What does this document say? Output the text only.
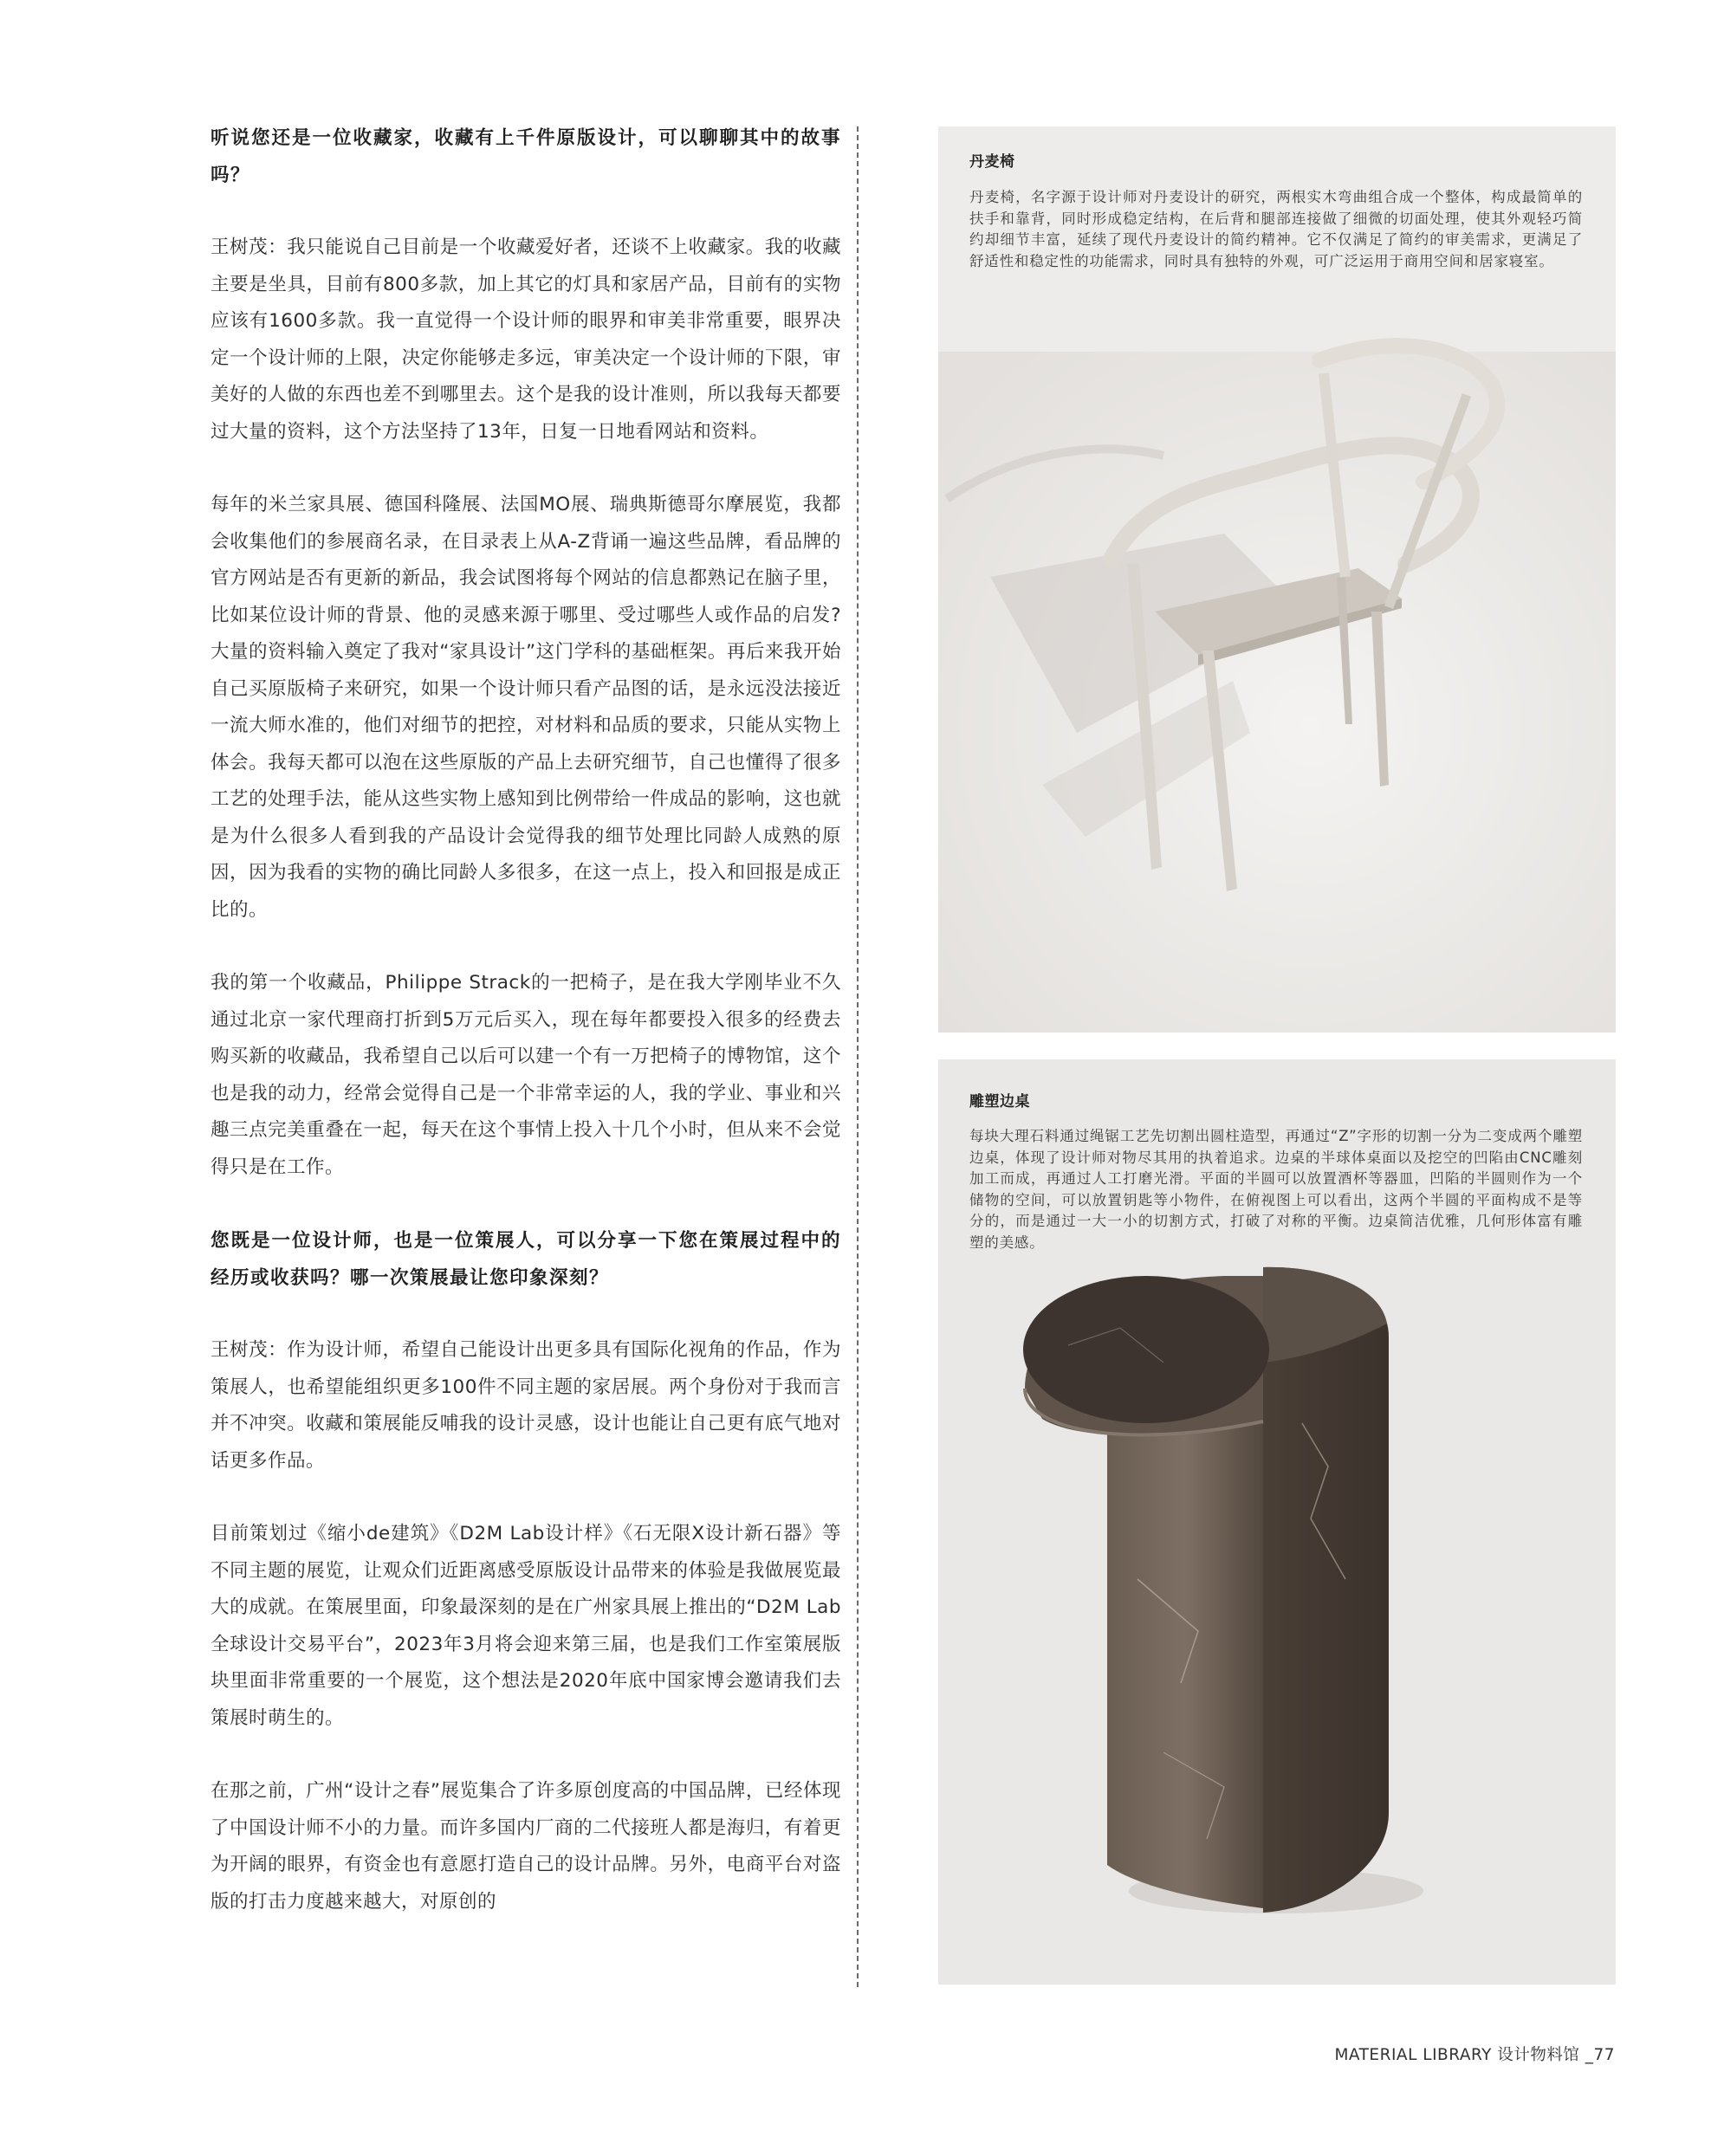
听说您还是一位收藏家，收藏有上千件原版设计，可以聊聊其中的故事吗？

王树茂：我只能说自己目前是一个收藏爱好者，还谈不上收藏家。我的收藏主要是坐具，目前有800多款，加上其它的灯具和家居产品，目前有的实物应该有1600多款。我一直觉得一个设计师的眼界和审美非常重要，眼界决定一个设计师的上限，决定你能够走多远，审美决定一个设计师的下限，审美好的人做的东西也差不到哪里去。这个是我的设计准则，所以我每天都要过大量的资料，这个方法坚持了13年，日复一日地看网站和资料。

每年的米兰家具展、德国科隆展、法国MO展、瑞典斯德哥尔摩展览，我都会收集他们的参展商名录，在目录表上从A-Z背诵一遍这些品牌，看品牌的官方网站是否有更新的新品，我会试图将每个网站的信息都熟记在脑子里，比如某位设计师的背景、他的灵感来源于哪里、受过哪些人或作品的启发?大量的资料输入奠定了我对“家具设计”这门学科的基础框架。再后来我开始自己买原版椅子来研究，如果一个设计师只看产品图的话，是永远没法接近一流大师水准的，他们对细节的把控，对材料和品质的要求，只能从实物上体会。我每天都可以泡在这些原版的产品上去研究细节，自己也懂得了很多工艺的处理手法，能从这些实物上感知到比例带给一件成品的影响，这也就是为什么很多人看到我的产品设计会觉得我的细节处理比同龄人成熟的原因，因为我看的实物的确比同龄人多很多，在这一点上，投入和回报是成正比的。

我的第一个收藏品，Philippe Strack的一把椅子，是在我大学刚毕业不久通过北京一家代理商打折到5万元后买入，现在每年都要投入很多的经费去购买新的收藏品，我希望自己以后可以建一个有一万把椅子的博物馆，这个也是我的动力，经常会觉得自己是一个非常幸运的人，我的学业、事业和兴趣三点完美重叠在一起，每天在这个事情上投入十几个小时，但从来不会觉得只是在工作。

您既是一位设计师，也是一位策展人，可以分享一下您在策展过程中的经历或收获吗？哪一次策展最让您印象深刻？

王树茂：作为设计师，希望自己能设计出更多具有国际化视角的作品，作为策展人，也希望能组织更多100件不同主题的家居展。两个身份对于我而言并不冲突。收藏和策展能反哺我的设计灵感，设计也能让自己更有底气地对话更多作品。

目前策划过《缩小de建筑》《D2M Lab设计样》《石无限X设计新石器》等不同主题的展览，让观众们近距离感受原版设计品带来的体验是我做展览最大的成就。在策展里面，印象最深刻的是在广州家具展上推出的“D2M Lab全球设计交易平台”，2023年3月将会迎来第三届，也是我们工作室策展版块里面非常重要的一个展览，这个想法是2020年底中国家博会邀请我们去策展时萌生的。

在那之前，广州“设计之春”展览集合了许多原创度高的中国品牌，已经体现了中国设计师不小的力量。而许多国内厂商的二代接班人都是海归，有着更为开阔的眼界，有资金也有意愿打造自己的设计品牌。另外，电商平台对盗版的打击力度越来越大，对原创的

丹麦椅
丹麦椅，名字源于设计师对丹麦设计的研究，两根实木弯曲组合成一个整体，构成最简单的扶手和靠背，同时形成稳定结构，在后背和腿部连接做了细微的切面处理，使其外观轻巧简约却细节丰富，延续了现代丹麦设计的简约精神。它不仅满足了简约的审美需求，更满足了舒适性和稳定性的功能需求，同时具有独特的外观，可广泛运用于商用空间和居家寝室。
雕塑边桌
每块大理石料通过绳锯工艺先切割出圆柱造型，再通过“Z”字形的切割一分为二变成两个雕塑边桌，体现了设计师对物尽其用的执着追求。边桌的半球体桌面以及挖空的凹陷由CNC雕刻加工而成，再通过人工打磨光滑。平面的半圆可以放置酒杯等器皿，凹陷的半圆则作为一个储物的空间，可以放置钥匙等小物件，在俯视图上可以看出，这两个半圆的平面构成不是等分的，而是通过一大一小的切割方式，打破了对称的平衡。边桌简洁优雅，几何形体富有雕塑的美感。
MATERIAL LIBRARY 设计物料馆 _77
